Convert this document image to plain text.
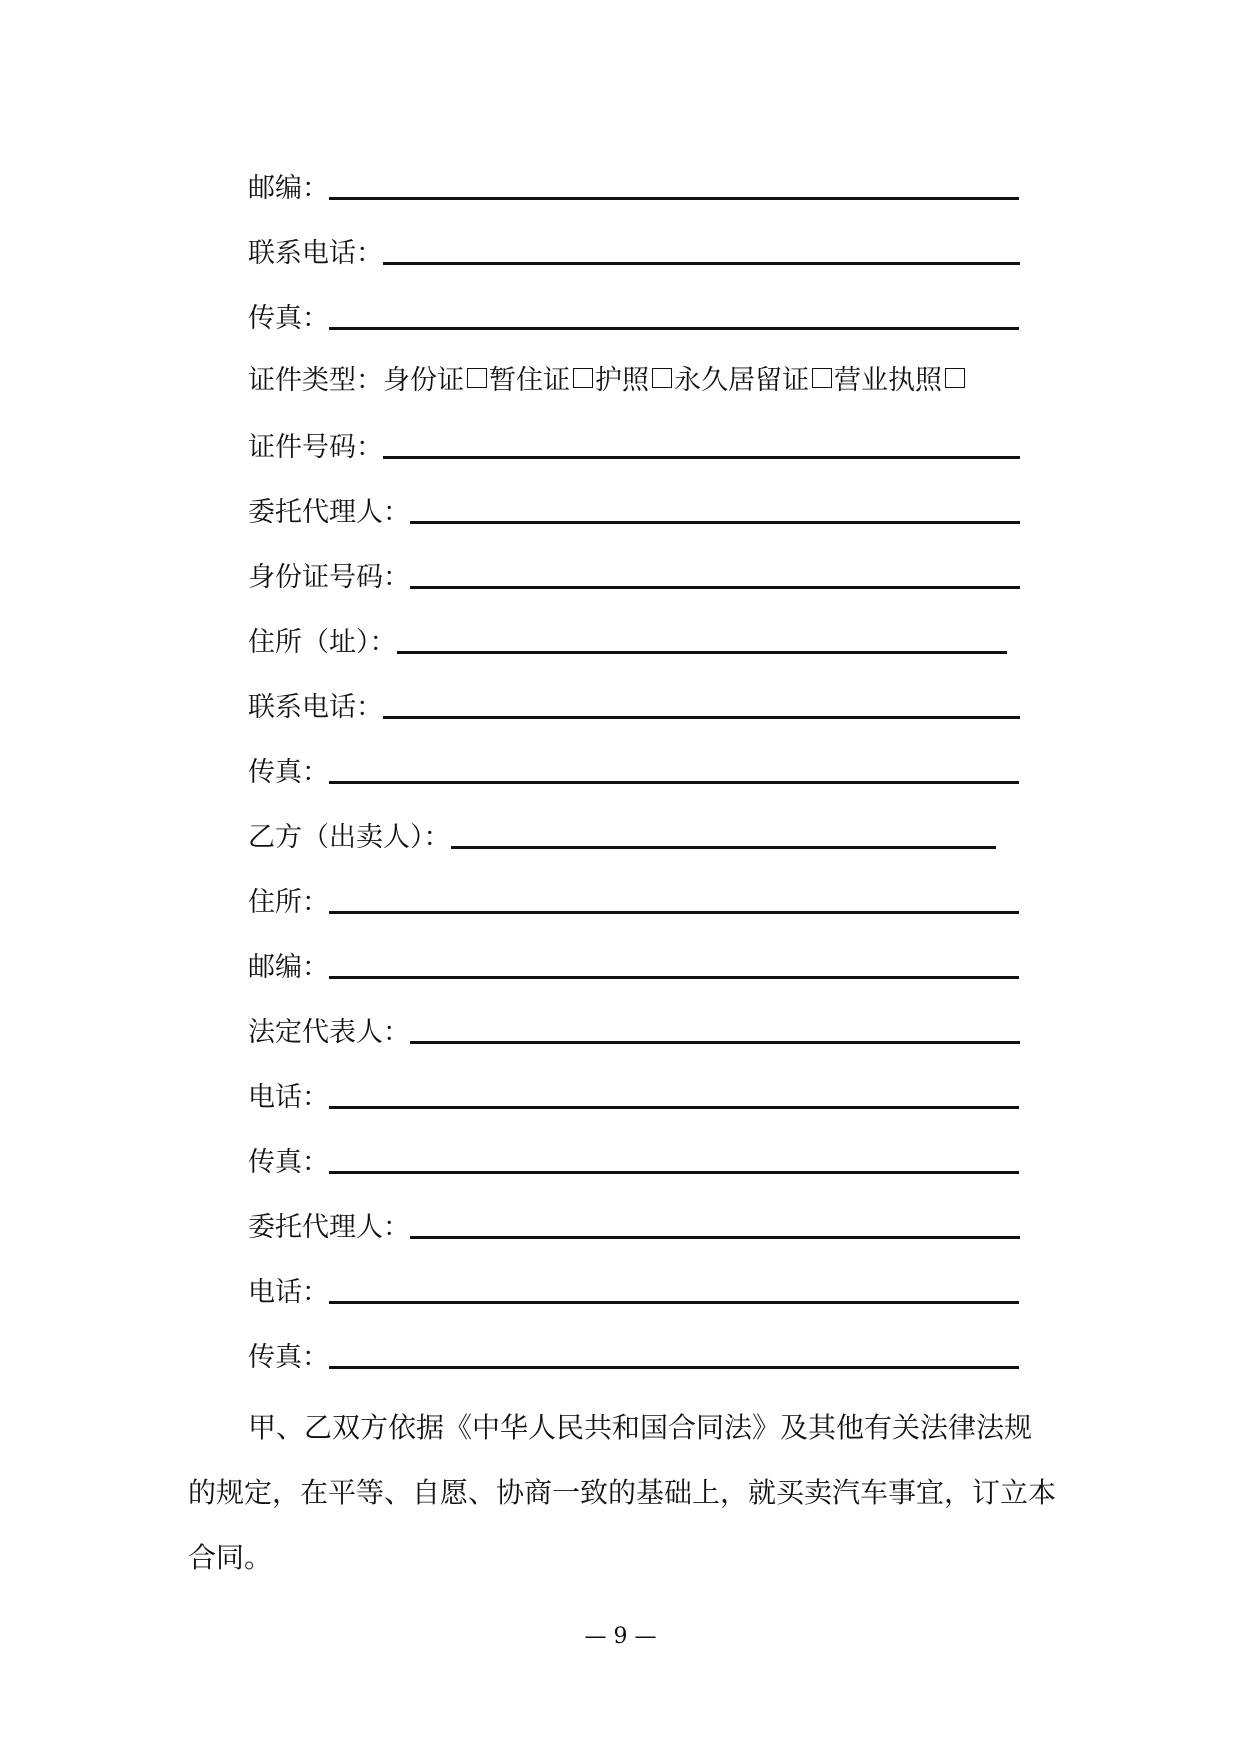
邮编：
联系电话：
传真：
证件类型： 身份证 暂住证 护照 永久居留证 营业执照
证件号码：
委托代理人：
身份证号码：
住所（址）：
联系电话：
传真：
乙方（出卖人）：
住所：
邮编：
法定代表人：
电话：
传真：
委托代理人：
电话：
传真：
甲、乙双方依据《中华人民共和国合同法》及其他有关法律法规的规定，在平等、自愿、协商一致的基础上，就买卖汽车事宜，订立本合同。
— 9 —
